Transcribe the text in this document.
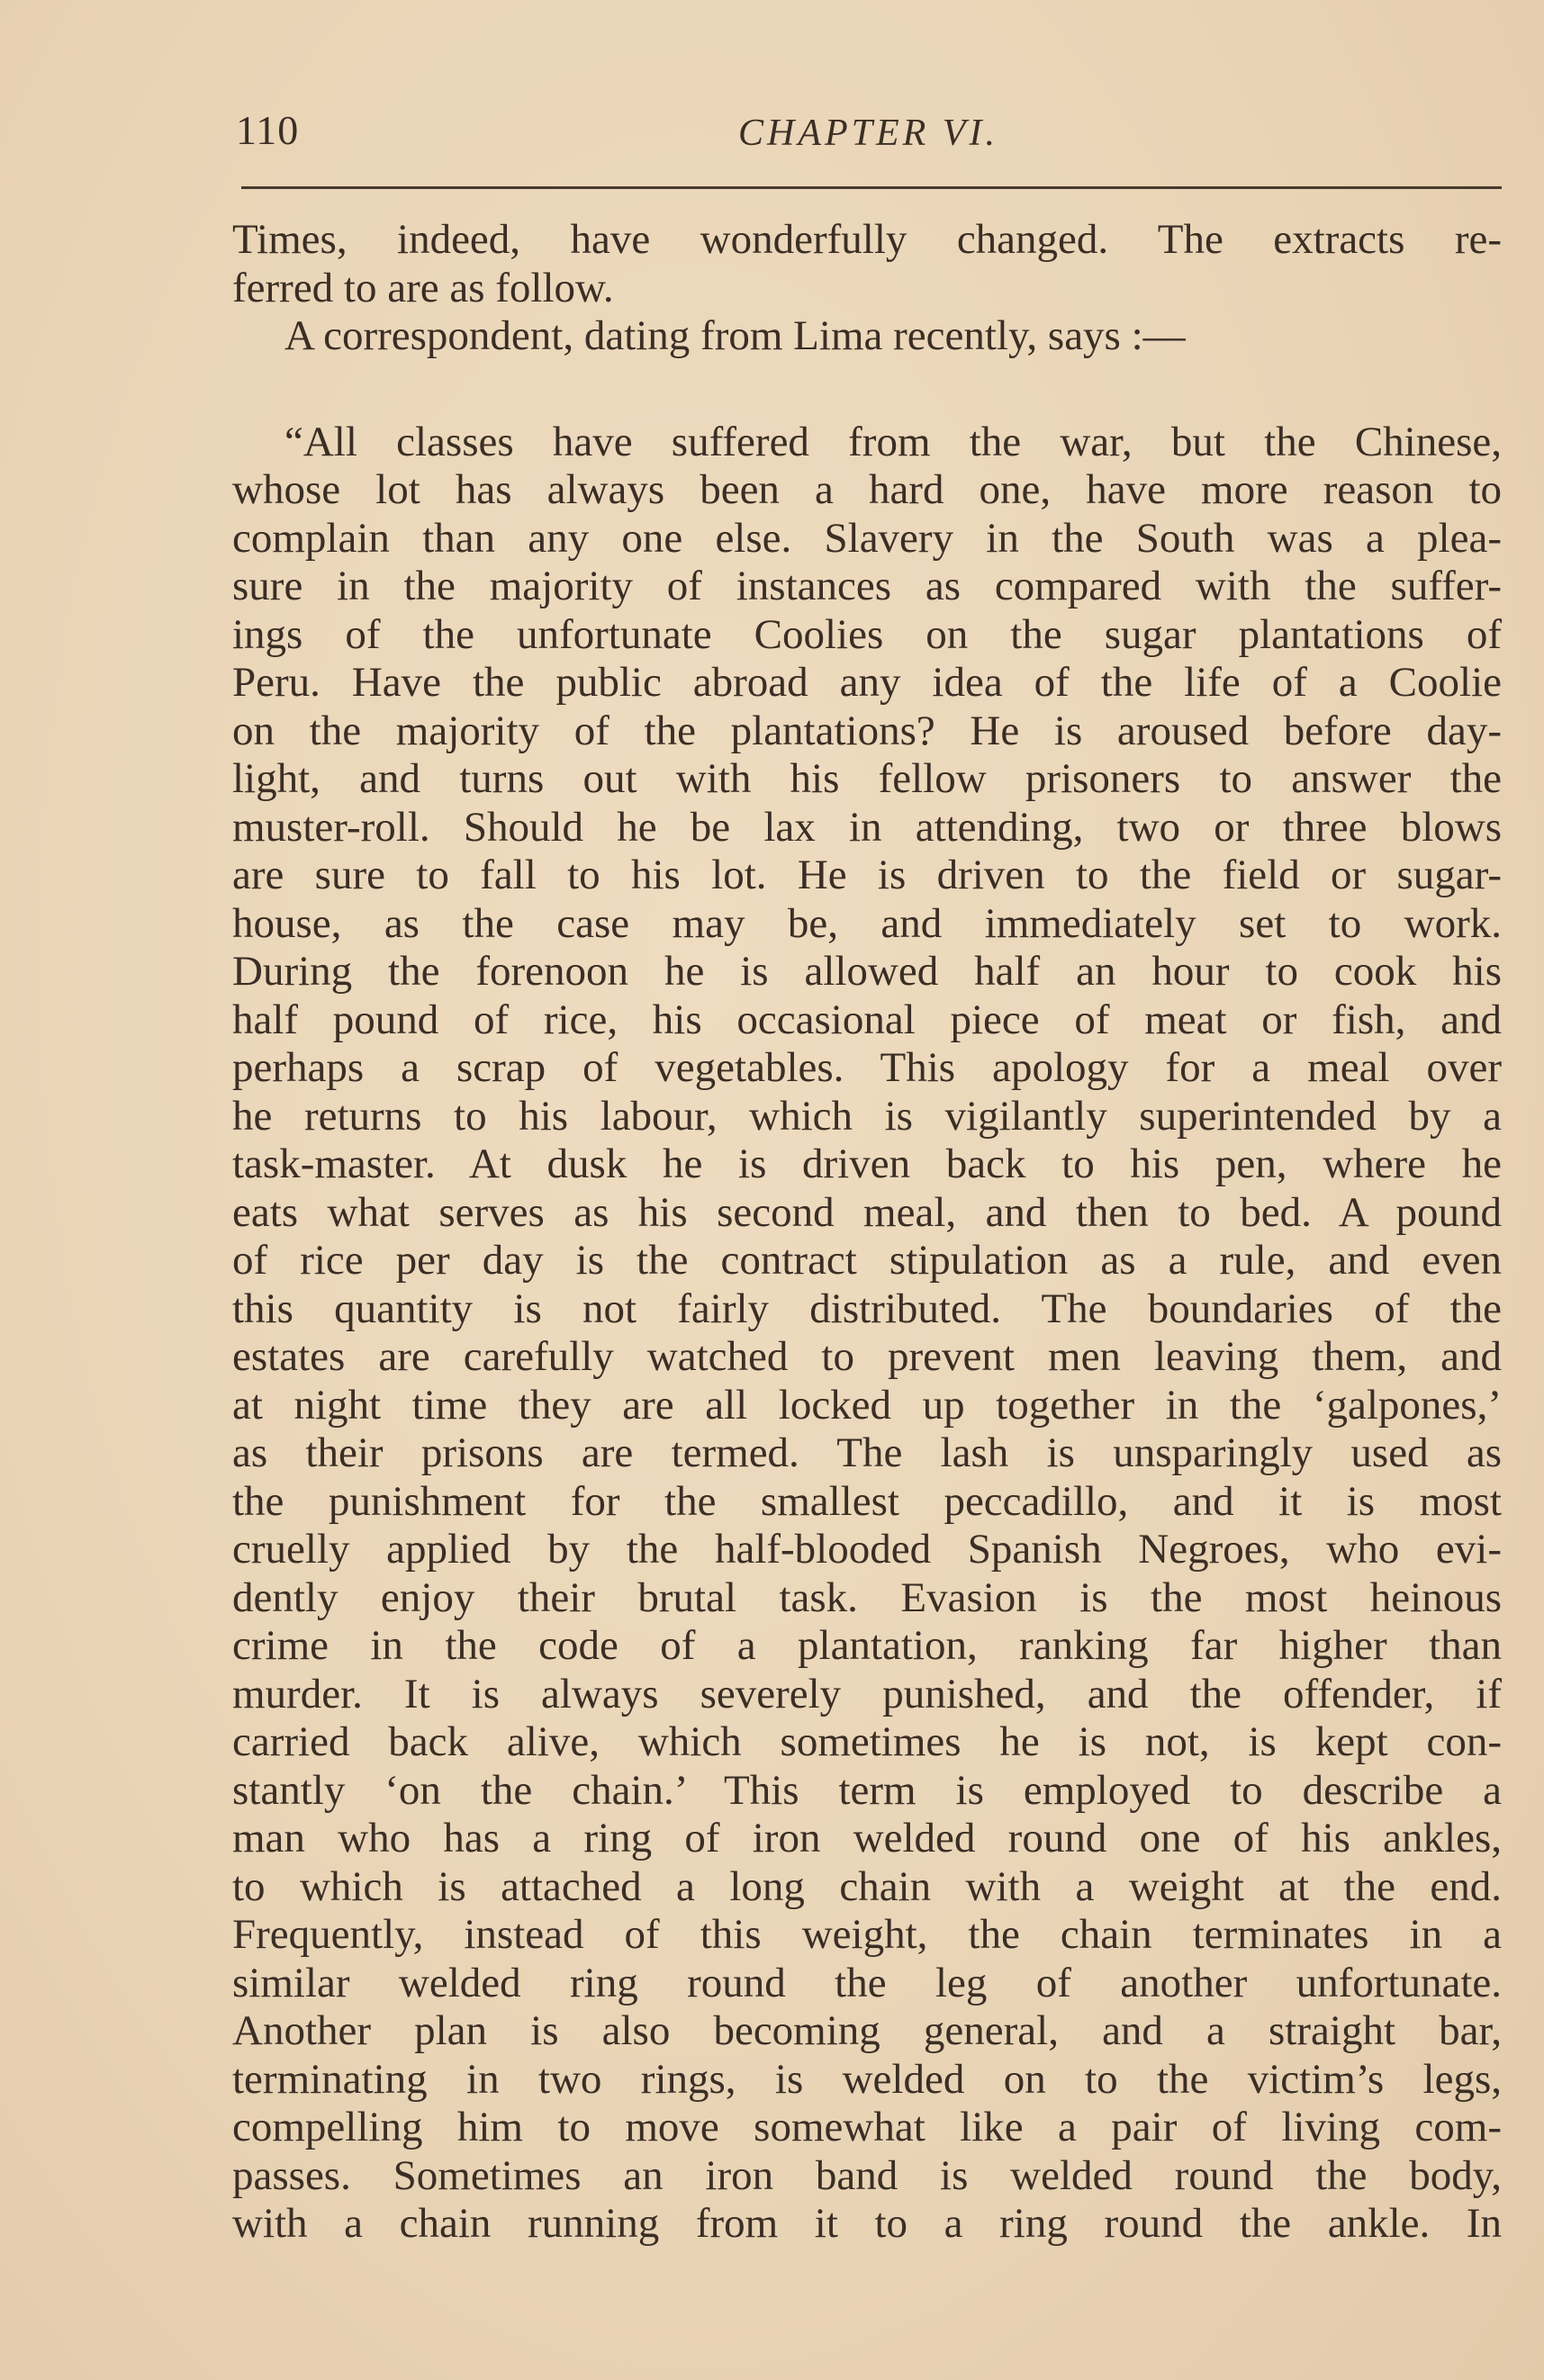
110	CHAPTER VI.
Times, indeed, have wonderfully changed. The extracts re-
ferred to are as follow.
A correspondent, dating from Lima recently, says :—
“All classes have suffered from the war, but the Chinese,
whose lot has always been a hard one, have more reason to
complain than any one else. Slavery in the South was a plea-
sure in the majority of instances as compared with the suffer-
ings of the unfortunate Coolies on the sugar plantations of
Peru. Have the public abroad any idea of the life of a Coolie
on the majority of the plantations? He is aroused before day-
light, and turns out with his fellow prisoners to answer the
muster-roll. Should he be lax in attending, two or three blows
are sure to fall to his lot. He is driven to the field or sugar-
house, as the case may be, and immediately set to work.
During the forenoon he is allowed half an hour to cook his
half pound of rice, his occasional piece of meat or fish, and
perhaps a scrap of vegetables. This apology for a meal over
he returns to his labour, which is vigilantly superintended by a
task-master. At dusk he is driven back to his pen, where he
eats what serves as his second meal, and then to bed. A pound
of rice per day is the contract stipulation as a rule, and even
this quantity is not fairly distributed. The boundaries of the
estates are carefully watched to prevent men leaving them, and
at night time they are all locked up together in the ‘galpones,’
as their prisons are termed. The lash is unsparingly used as
the punishment for the smallest peccadillo, and it is most
cruelly applied by the half-blooded Spanish Negroes, who evi-
dently enjoy their brutal task. Evasion is the most heinous
crime in the code of a plantation, ranking far higher than
murder. It is always severely punished, and the offender, if
carried back alive, which sometimes he is not, is kept con-
stantly ‘on the chain.’ This term is employed to describe a
man who has a ring of iron welded round one of his ankles,
to which is attached a long chain with a weight at the end.
Frequently, instead of this weight, the chain terminates in a
similar welded ring round the leg of another unfortunate.
Another plan is also becoming general, and a straight bar,
terminating in two rings, is welded on to the victim’s legs,
compelling him to move somewhat like a pair of living com-
passes. Sometimes an iron band is welded round the body,
with a chain running from it to a ring round the ankle. In
